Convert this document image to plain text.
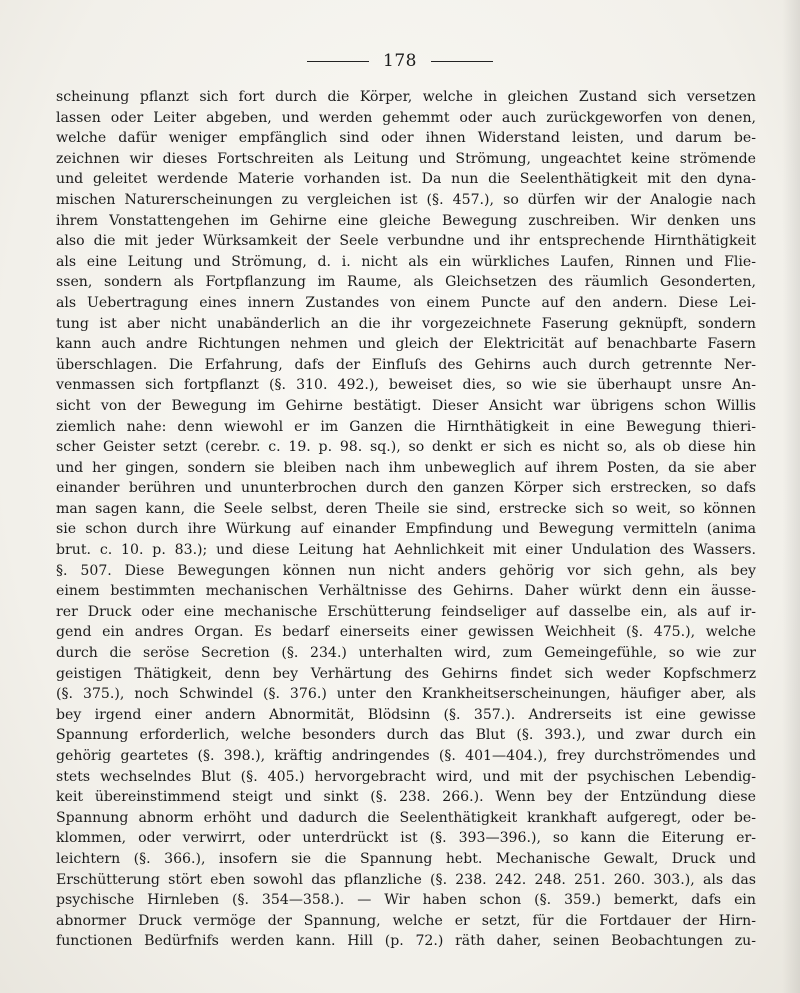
178
scheinung pflanzt sich fort durch die Körper, welche in gleichen Zustand sich versetzen
lassen oder Leiter abgeben, und werden gehemmt oder auch zurückgeworfen von denen,
welche dafür weniger empfänglich sind oder ihnen Widerstand leisten, und darum be-
zeichnen wir dieses Fortschreiten als Leitung und Strömung, ungeachtet keine strömende
und geleitet werdende Materie vorhanden ist. Da nun die Seelenthätigkeit mit den dyna-
mischen Naturerscheinungen zu vergleichen ist (§. 457.), so dürfen wir der Analogie nach
ihrem Vonstattengehen im Gehirne eine gleiche Bewegung zuschreiben. Wir denken uns
also die mit jeder Würksamkeit der Seele verbundne und ihr entsprechende Hirnthätigkeit
als eine Leitung und Strömung, d. i. nicht als ein würkliches Laufen, Rinnen und Flie-
ssen, sondern als Fortpflanzung im Raume, als Gleichsetzen des räumlich Gesonderten,
als Uebertragung eines innern Zustandes von einem Puncte auf den andern. Diese Lei-
tung ist aber nicht unabänderlich an die ihr vorgezeichnete Faserung geknüpft, sondern
kann auch andre Richtungen nehmen und gleich der Elektricität auf benachbarte Fasern
überschlagen. Die Erfahrung, dafs der Einfluſs des Gehirns auch durch getrennte Ner-
venmassen sich fortpflanzt (§. 310. 492.), beweiset dies, so wie sie überhaupt unsre An-
sicht von der Bewegung im Gehirne bestätigt. Dieser Ansicht war übrigens schon Willis
ziemlich nahe: denn wiewohl er im Ganzen die Hirnthätigkeit in eine Bewegung thieri-
scher Geister setzt (cerebr. c. 19. p. 98. sq.), so denkt er sich es nicht so, als ob diese hin
und her gingen, sondern sie bleiben nach ihm unbeweglich auf ihrem Posten, da sie aber
einander berühren und ununterbrochen durch den ganzen Körper sich erstrecken, so dafs
man sagen kann, die Seele selbst, deren Theile sie sind, erstrecke sich so weit, so können
sie schon durch ihre Würkung auf einander Empfindung und Bewegung vermitteln (anima
brut. c. 10. p. 83.); und diese Leitung hat Aehnlichkeit mit einer Undulation des Wassers.
§. 507. Diese Bewegungen können nun nicht anders gehörig vor sich gehn, als bey
einem bestimmten mechanischen Verhältnisse des Gehirns. Daher würkt denn ein äusse-
rer Druck oder eine mechanische Erschütterung feindseliger auf dasselbe ein, als auf ir-
gend ein andres Organ. Es bedarf einerseits einer gewissen Weichheit (§. 475.), welche
durch die seröse Secretion (§. 234.) unterhalten wird, zum Gemeingefühle, so wie zur
geistigen Thätigkeit, denn bey Verhärtung des Gehirns findet sich weder Kopfschmerz
(§. 375.), noch Schwindel (§. 376.) unter den Krankheitserscheinungen, häufiger aber, als
bey irgend einer andern Abnormität, Blödsinn (§. 357.). Andrerseits ist eine gewisse
Spannung erforderlich, welche besonders durch das Blut (§. 393.), und zwar durch ein
gehörig geartetes (§. 398.), kräftig andringendes (§. 401—404.), frey durchströmendes und
stets wechselndes Blut (§. 405.) hervorgebracht wird, und mit der psychischen Lebendig-
keit übereinstimmend steigt und sinkt (§. 238. 266.). Wenn bey der Entzündung diese
Spannung abnorm erhöht und dadurch die Seelenthätigkeit krankhaft aufgeregt, oder be-
klommen, oder verwirrt, oder unterdrückt ist (§. 393—396.), so kann die Eiterung er-
leichtern (§. 366.), insofern sie die Spannung hebt. Mechanische Gewalt, Druck und
Erschütterung stört eben sowohl das pflanzliche (§. 238. 242. 248. 251. 260. 303.), als das
psychische Hirnleben (§. 354—358.). — Wir haben schon (§. 359.) bemerkt, dafs ein
abnormer Druck vermöge der Spannung, welche er setzt, für die Fortdauer der Hirn-
functionen Bedürfnifs werden kann. Hill (p. 72.) räth daher, seinen Beobachtungen zu-
